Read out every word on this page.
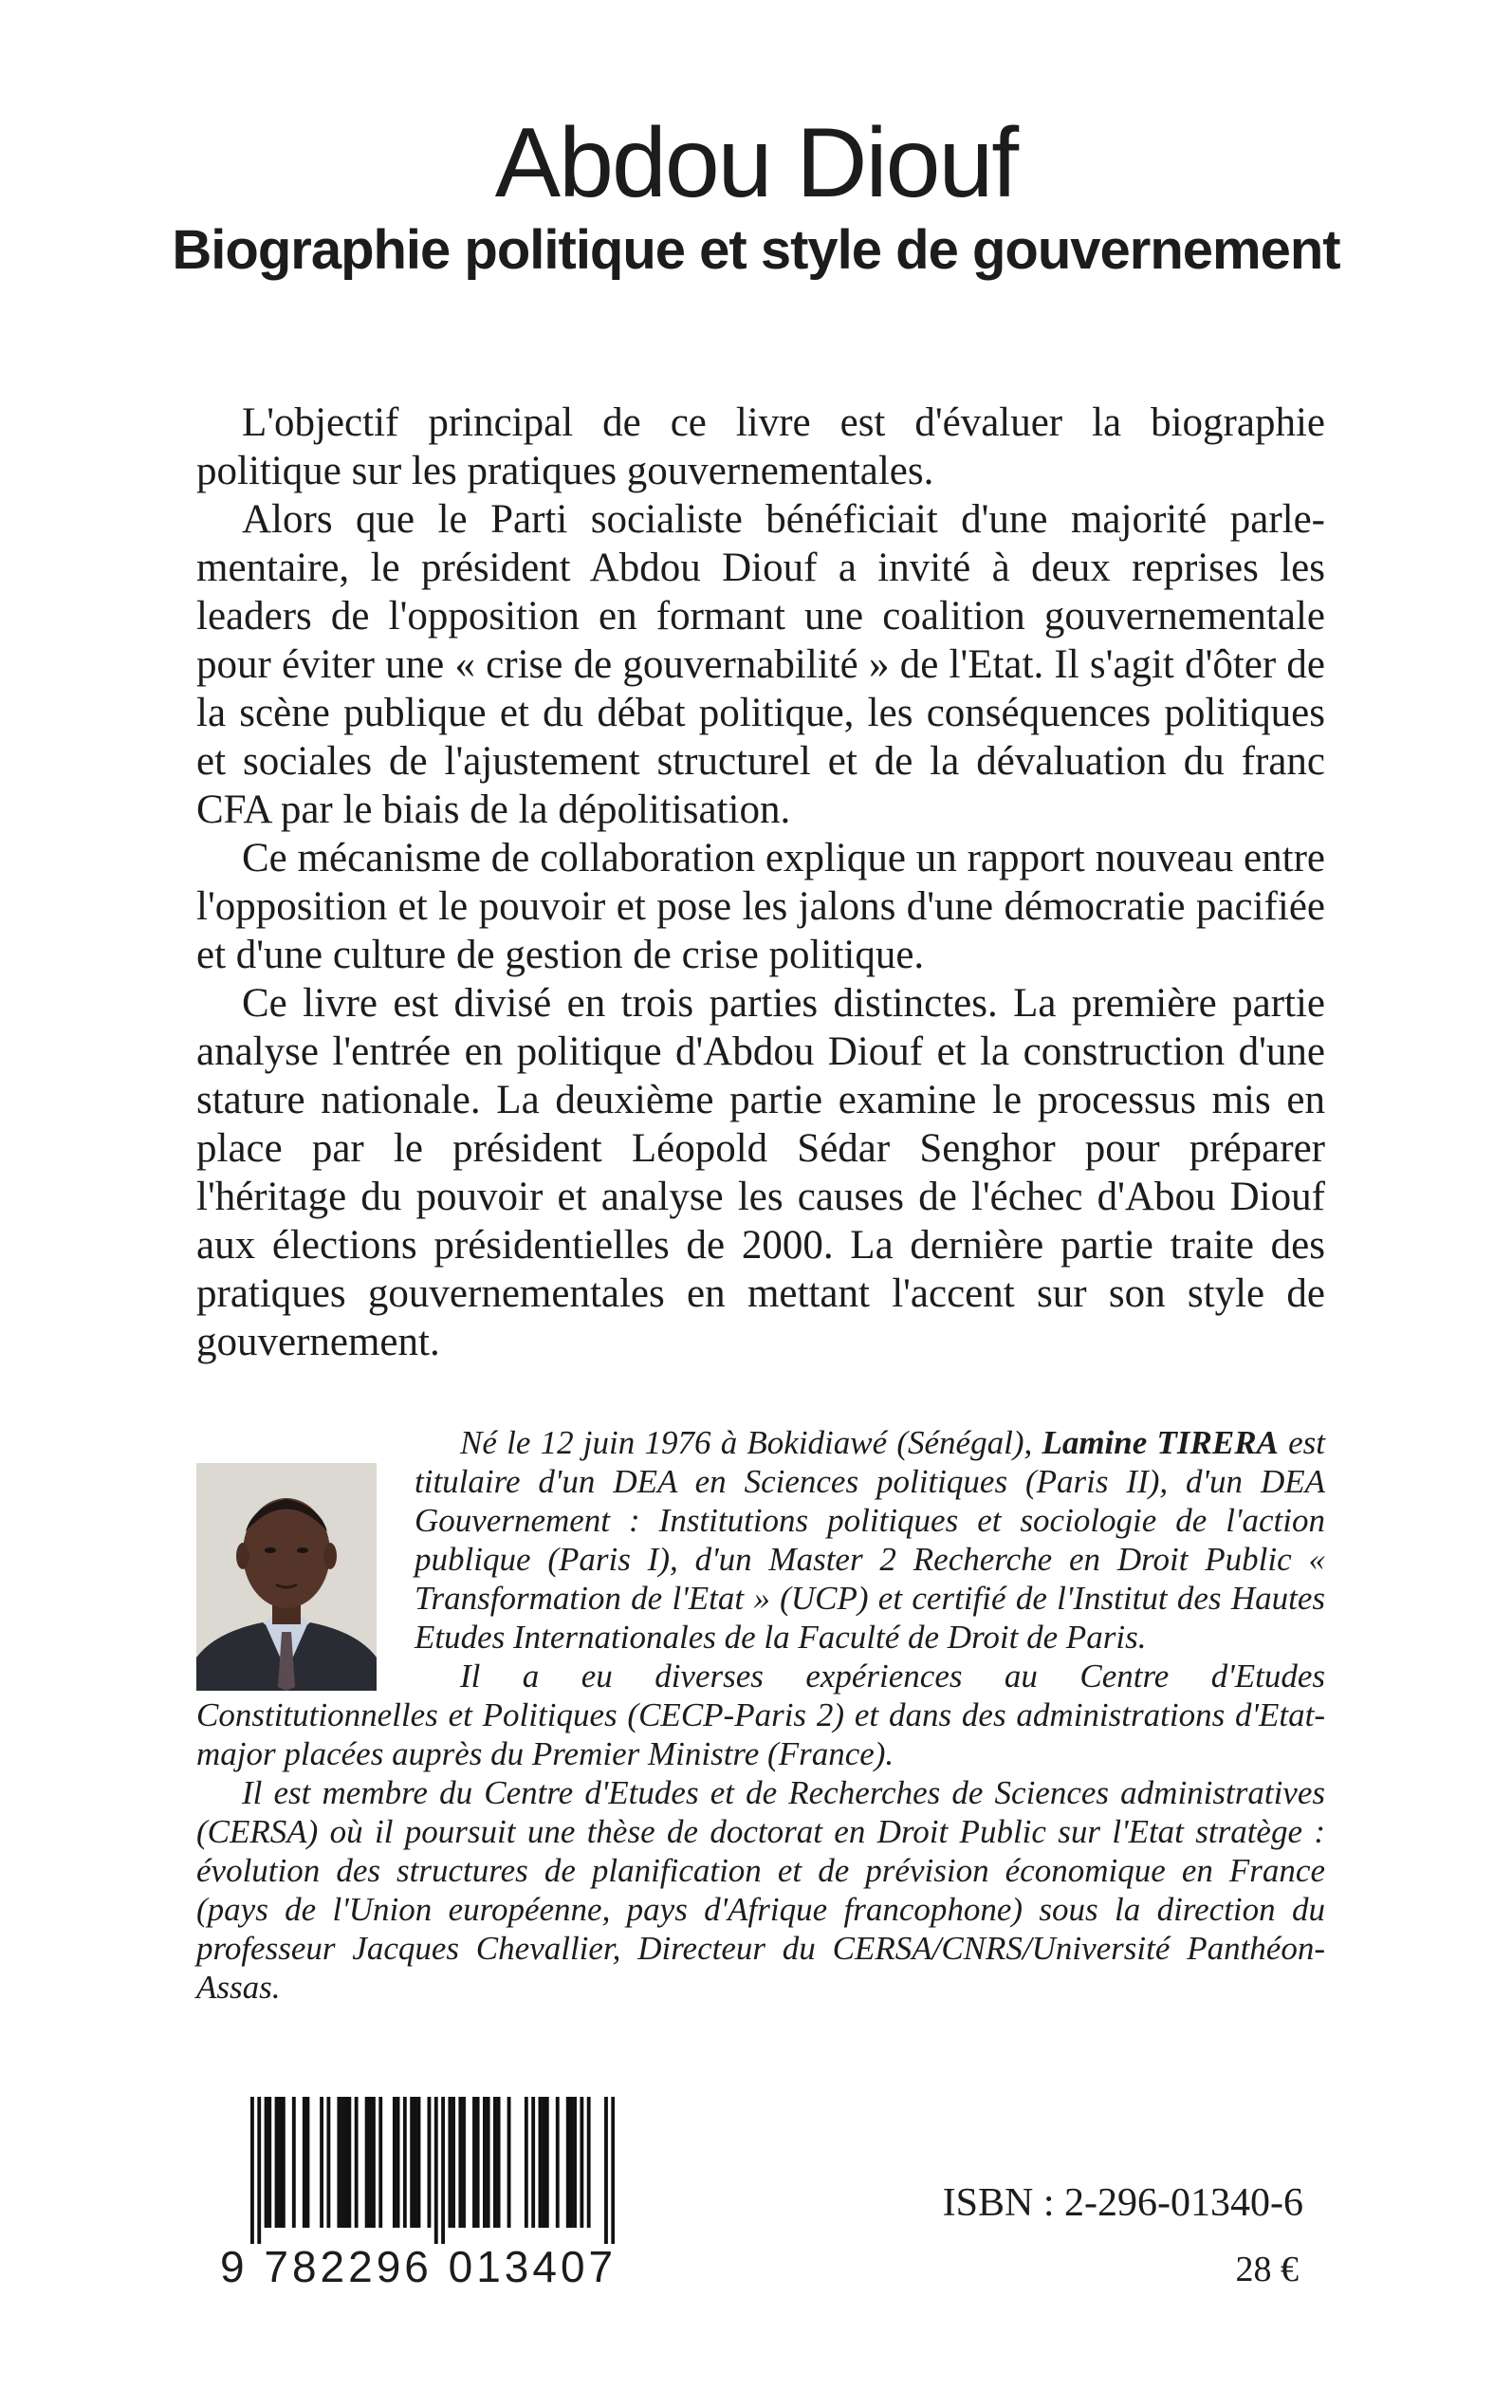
Abdou Diouf
Biographie politique et style de gouvernement

L'objectif principal de ce livre est d'évaluer la biographie politique sur les pratiques gouvernementales.

Alors que le Parti socialiste bénéficiait d'une majorité parlementaire, le président Abdou Diouf a invité à deux reprises les leaders de l'opposition en formant une coalition gouvernementale pour éviter une « crise de gouvernabilité » de l'Etat. Il s'agit d'ôter de la scène publique et du débat politique, les conséquences politiques et sociales de l'ajustement structurel et de la dévaluation du franc CFA par le biais de la dépolitisation.

Ce mécanisme de collaboration explique un rapport nouveau entre l'opposition et le pouvoir et pose les jalons d'une démocratie pacifiée et d'une culture de gestion de crise politique.

Ce livre est divisé en trois parties distinctes. La première partie analyse l'entrée en politique d'Abdou Diouf et la construction d'une stature nationale. La deuxième partie examine le processus mis en place par le président Léopold Sédar Senghor pour préparer l'héritage du pouvoir et analyse les causes de l'échec d'Abou Diouf aux élections présidentielles de 2000. La dernière partie traite des pratiques gouvernementales en mettant l'accent sur son style de gouvernement.

Né le 12 juin 1976 à Bokidiawé (Sénégal), Lamine TIRERA est titulaire d'un DEA en Sciences politiques (Paris II), d'un DEA Gouvernement : Institutions politiques et sociologie de l'action publique (Paris I), d'un Master 2 Recherche en Droit Public « Transformation de l'Etat » (UCP) et certifié de l'Institut des Hautes Etudes Internationales de la Faculté de Droit de Paris.

Il a eu diverses expériences au Centre d'Etudes Constitutionnelles et Politiques (CECP-Paris 2) et dans des administrations d'Etat-major placées auprès du Premier Ministre (France).

Il est membre du Centre d'Etudes et de Recherches de Sciences administratives (CERSA) où il poursuit une thèse de doctorat en Droit Public sur l'Etat stratège : évolution des structures de planification et de prévision économique en France (pays de l'Union européenne, pays d'Afrique francophone) sous la direction du professeur Jacques Chevallier, Directeur du CERSA/CNRS/Université Panthéon-Assas.

9 782296 013407
ISBN : 2-296-01340-6
28 €
